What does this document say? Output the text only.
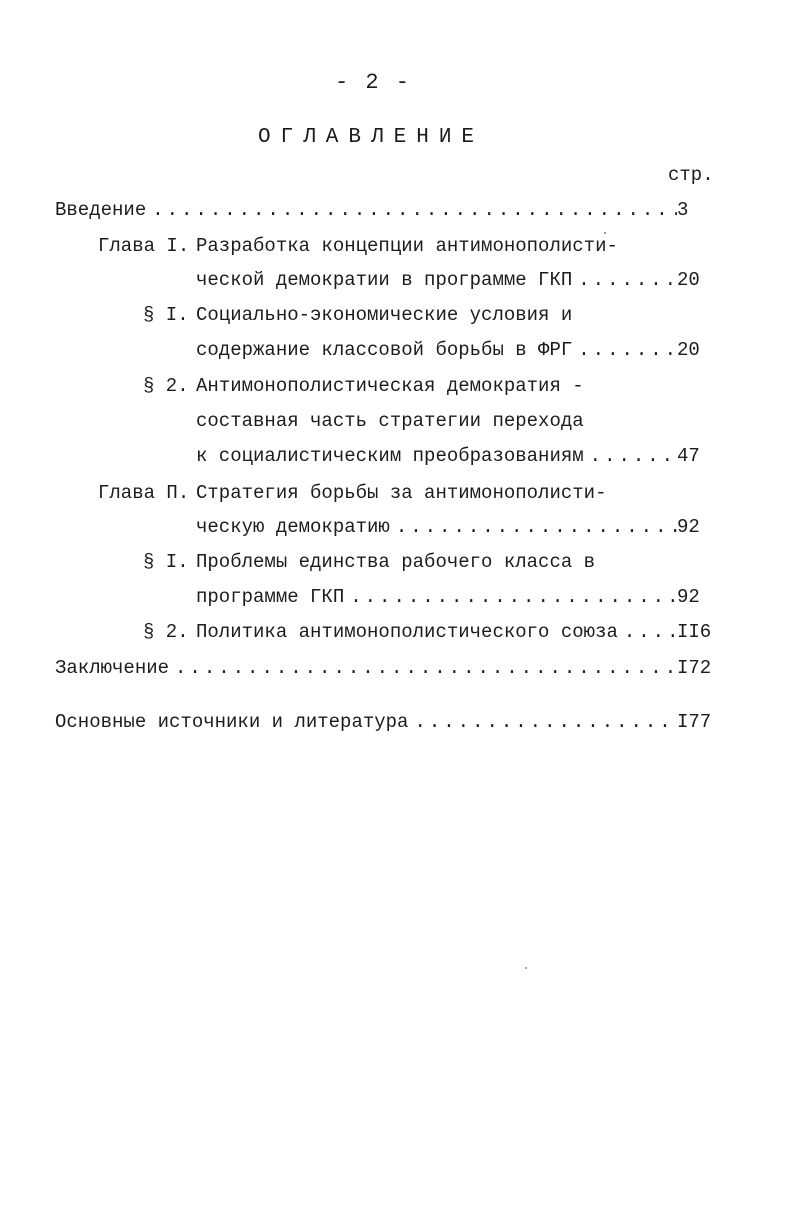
- 2 -
ОГЛАВЛЕНИЕ
стр.
Введение .....	3
Глава I. Разработка концепции антимонополисти-
ческой демократии в программе ГКП .....	20
§ I. Социально-экономические условия и
содержание классовой борьбы в ФРГ .....	20
§ 2. Антимонополистическая демократия -
составная часть стратегии перехода
к социалистическим преобразованиям .....	47
Глава П. Стратегия борьбы за антимонополисти-
ческую демократию .....	92
§ I. Проблемы единства рабочего класса в
программе ГКП .....	92
§ 2. Политика антимонополистического союза .....	II6
Заключение .....	I72
Основные источники и литература .....	I77
